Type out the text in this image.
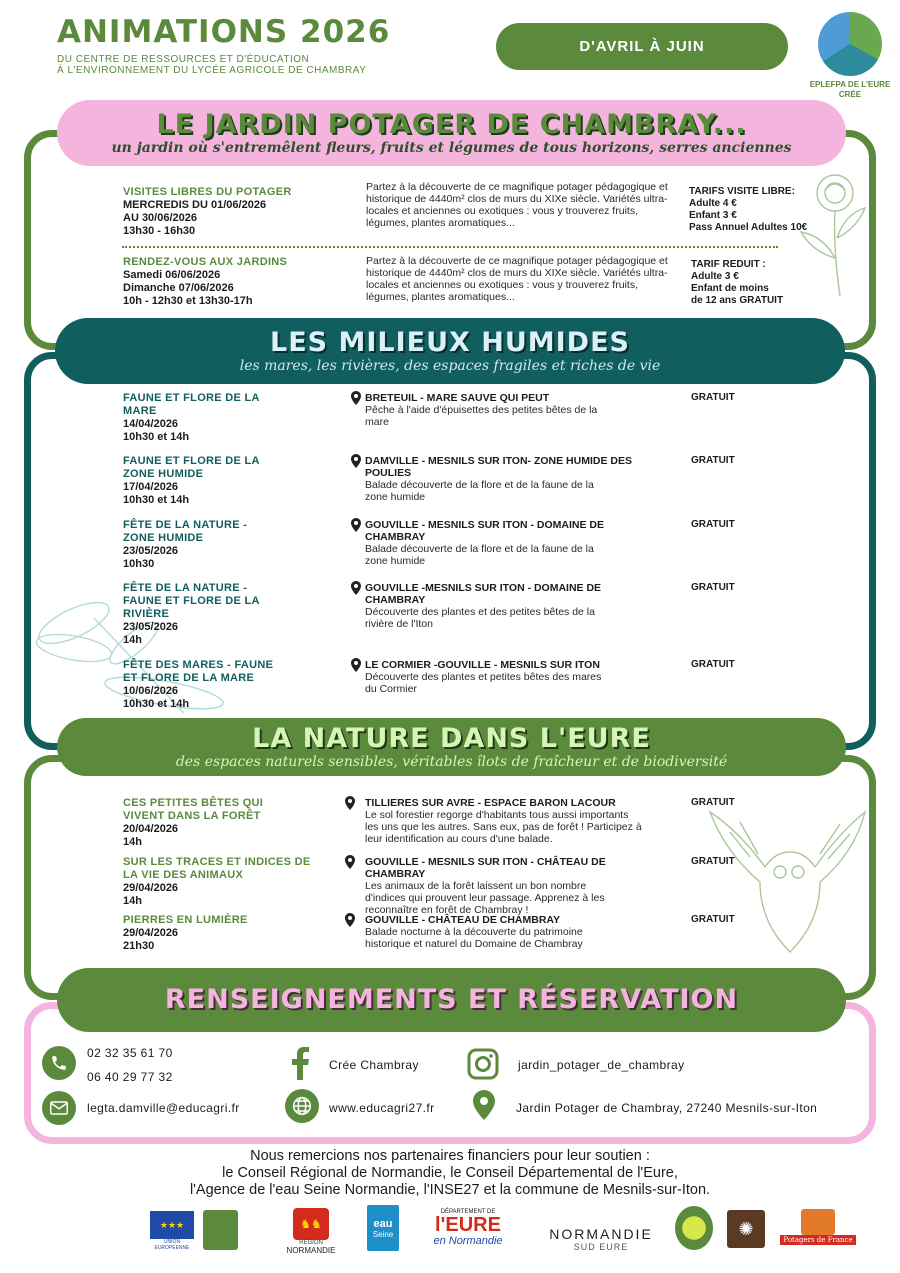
ANIMATIONS 2026
DU CENTRE DE RESSOURCES ET D'ÉDUCATION
À L'ENVIRONNEMENT DU LYCÉE AGRICOLE DE CHAMBRAY
D'AVRIL À JUIN
EPLEFPA DE L'EURE
CRÉE
LE JARDIN POTAGER DE CHAMBRAY...
un jardin où s'entremêlent fleurs, fruits et légumes de tous horizons, serres anciennes
LES MILIEUX HUMIDES
les mares, les rivières, des espaces fragiles et riches de vie
LA NATURE DANS L'EURE
des espaces naturels sensibles, véritables îlots de fraîcheur et de biodiversité
RENSEIGNEMENTS ET RÉSERVATION
VISITES LIBRES DU POTAGER
MERCREDIS DU 01/06/2026
AU 30/06/2026
13h30 - 16h30
Partez à la découverte de ce magnifique potager pédagogique et historique de 4440m² clos de murs du XIXe siècle. Variétés ultra-locales et anciennes ou exotiques : vous y trouverez fruits, légumes, plantes aromatiques...
TARIFS VISITE LIBRE:
Adulte 4 €
Enfant 3 €
Pass Annuel Adultes 10€
RENDEZ-VOUS AUX JARDINS
Samedi 06/06/2026
Dimanche 07/06/2026
10h - 12h30 et 13h30-17h
Partez à la découverte de ce magnifique potager pédagogique et historique de 4440m² clos de murs du XIXe siècle. Variétés ultra-locales et anciennes ou exotiques : vous y trouverez fruits, légumes, plantes aromatiques...
TARIF REDUIT :
Adulte 3 €
Enfant de moins
de 12 ans GRATUIT
FAUNE ET FLORE DE LA
MARE
14/04/2026
10h30 et 14h
BRETEUIL - MARE SAUVE QUI PEUT
Pêche à l'aide d'épuisettes des petites bêtes de la
mare
GRATUIT
FAUNE ET FLORE DE LA
ZONE HUMIDE
17/04/2026
10h30 et 14h
DAMVILLE - MESNILS SUR ITON- ZONE HUMIDE DES
POULIES
Balade découverte de la flore et de la faune de la
zone humide
GRATUIT
FÊTE DE LA NATURE -
ZONE HUMIDE
23/05/2026
10h30
GOUVILLE - MESNILS SUR ITON - DOMAINE DE
CHAMBRAY
Balade découverte de la flore et de la faune de la
zone humide
GRATUIT
FÊTE DE LA NATURE -
FAUNE ET FLORE DE LA
RIVIÈRE
23/05/2026
14h
GOUVILLE -MESNILS SUR ITON - DOMAINE DE
CHAMBRAY
Découverte des plantes et des petites bêtes de la
rivière de l'Iton
GRATUIT
FÊTE DES MARES - FAUNE
ET FLORE DE LA MARE
10/06/2026
10h30 et 14h
LE CORMIER -GOUVILLE - MESNILS SUR ITON
Découverte des plantes et petites bêtes des mares
du Cormier
GRATUIT
CES PETITES BÊTES QUI
VIVENT DANS LA FORÊT
20/04/2026
14h
TILLIERES SUR AVRE - ESPACE BARON LACOUR
Le sol forestier regorge d'habitants tous aussi importants
les uns que les autres. Sans eux, pas de forêt ! Participez à
leur identification au cours d'une balade.
GRATUIT
SUR LES TRACES ET INDICES DE
LA VIE DES ANIMAUX
29/04/2026
14h
GOUVILLE - MESNILS SUR ITON - CHÂTEAU DE
CHAMBRAY
Les animaux de la forêt laissent un bon nombre
d'indices qui prouvent leur passage. Apprenez à les
reconnaître en forêt de Chambray !
GRATUIT
PIERRES EN LUMIÈRE
29/04/2026
21h30
GOUVILLE - CHÂTEAU DE CHAMBRAY
Balade nocturne à la découverte du patrimoine
historique et naturel du Domaine de Chambray
GRATUIT
02 32 35 61 70
06 40 29 77 32
legta.damville@educagri.fr
Crée Chambray
www.educagri27.fr
jardin_potager_de_chambray
Jardin Potager de Chambray, 27240 Mesnils-sur-Iton
Nous remercions nos partenaires financiers pour leur soutien :
le Conseil Régional de Normandie, le Conseil Départemental de l'Eure,
l'Agence de l'eau Seine Normandie, l'INSE27 et la commune de Mesnils-sur-Iton.
★★★
UNION EUROPÉENNE
♞♞
RÉGION
NORMANDIE
eau
Seine
DÉPARTEMENT DE
l'EURE
en Normandie	NORMANDIE
SUD EURE
✺
Potagers de France
